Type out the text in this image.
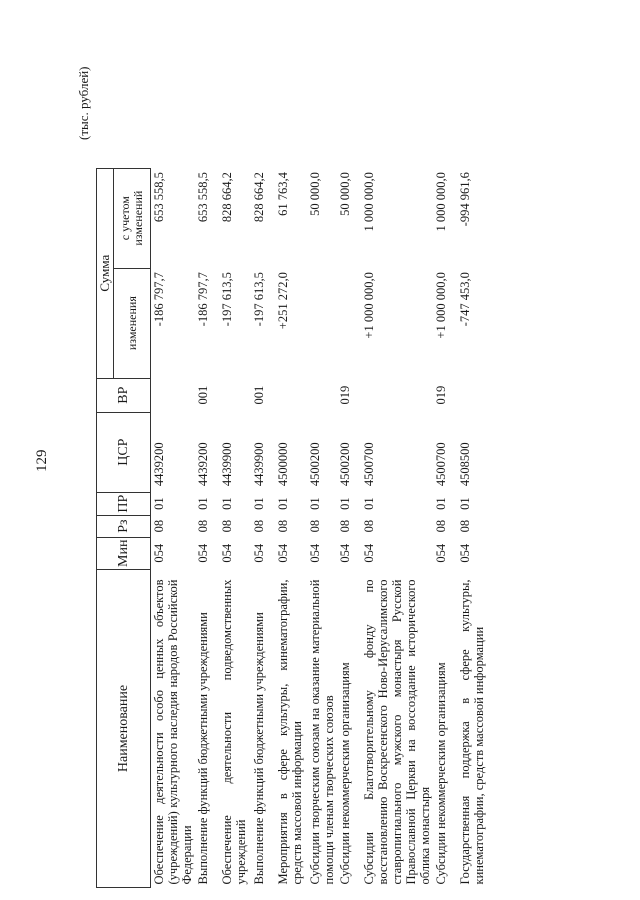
129
(тыс. рублей)
Наименование	Мин	Рз	ПР	ЦСР	ВР	Сумма	
						изменения	с учетом изменений
Обеспечение деятельности особо ценных объектов (учреждений) культурного наследия народов Российской Федерации	054	08	01	4439200		-186 797,7	653 558,5
Выполнение функций бюджетными учреждениями	054	08	01	4439200	001	-186 797,7	653 558,5
Обеспечение деятельности подведомственных учреждений	054	08	01	4439900		-197 613,5	828 664,2
Выполнение функций бюджетными учреждениями	054	08	01	4439900	001	-197 613,5	828 664,2
Мероприятия в сфере культуры, кинематографии, средств массовой информации	054	08	01	4500000		+251 272,0	61 763,4
Субсидии творческим союзам на оказание материальной помощи членам творческих союзов	054	08	01	4500200			50 000,0
Субсидии некоммерческим организациям	054	08	01	4500200	019		50 000,0
Субсидии Благотворительному фонду по восстановлению Воскресенского Ново-Иерусалимского ставропигиального мужского монастыря Русской Православной Церкви на воссоздание исторического облика монастыря	054	08	01	4500700		+1 000 000,0	1 000 000,0
Субсидии некоммерческим организациям	054	08	01	4500700	019	+1 000 000,0	1 000 000,0
Государственная поддержка в сфере культуры, кинематографии, средств массовой информации	054	08	01	4508500		-747 453,0	-994 961,6
